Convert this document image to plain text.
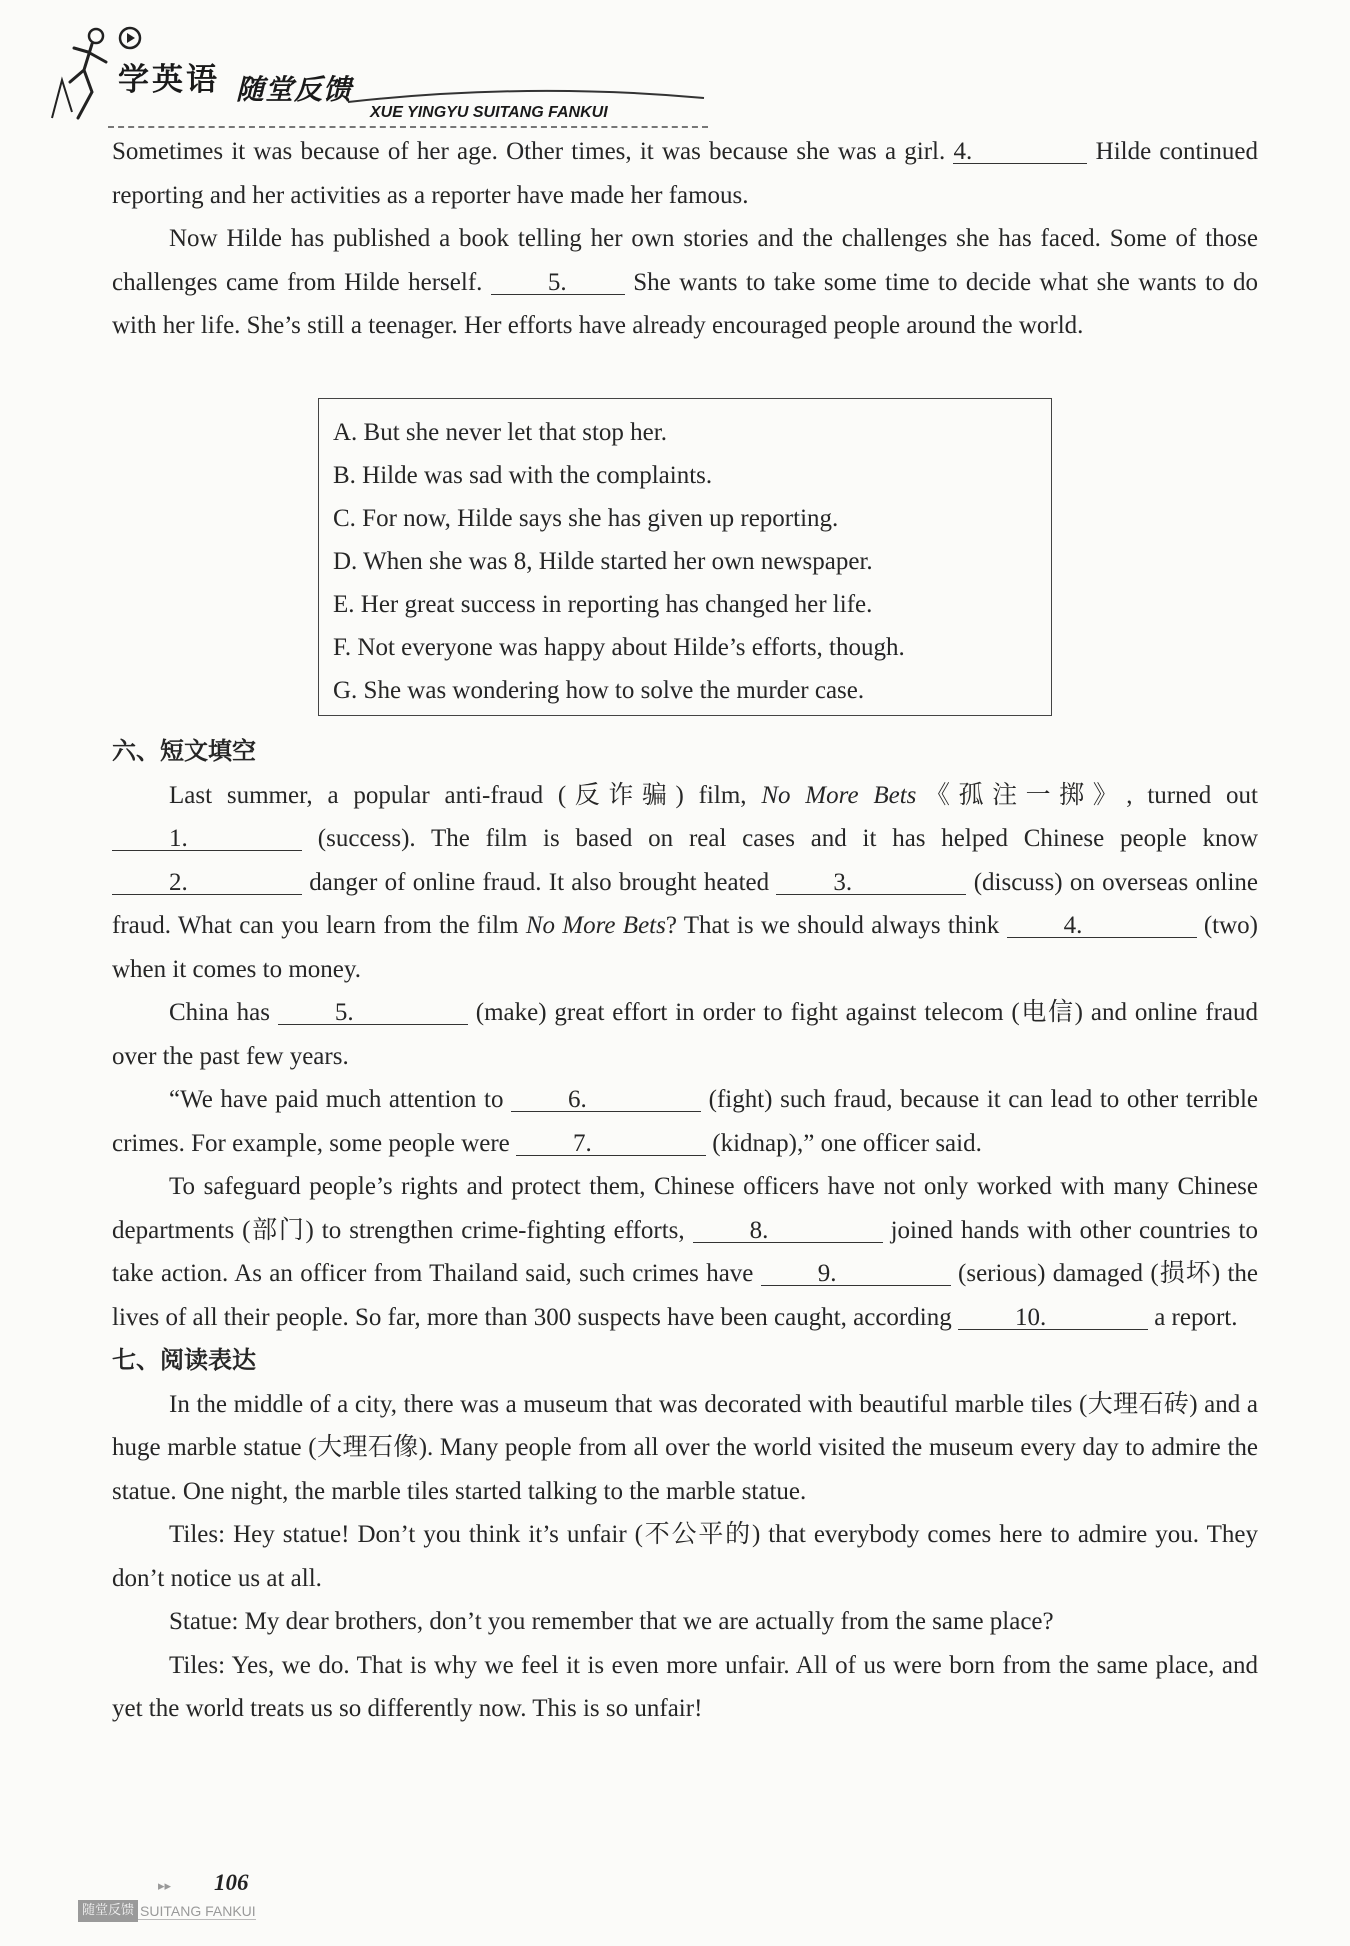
学英语 随堂反馈
XUE YINGYU SUITANG FANKUI

Sometimes it was because of her age. Other times, it was because she was a girl. 4.	Hilde continued reporting and her activities as a reporter have made her famous.

Now Hilde has published a book telling her own stories and the challenges she has faced. Some of those challenges came from Hilde herself. 5. She wants to take some time to decide what she wants to do with her life. She’s still a teenager. Her efforts have already encouraged people around the world.

A. But she never let that stop her.
B. Hilde was sad with the complaints.
C. For now, Hilde says she has given up reporting.
D. When she was 8, Hilde started her own newspaper.
E. Her great success in reporting has changed her life.
F. Not everyone was happy about Hilde’s efforts, though.
G. She was wondering how to solve the murder case.
六、短文填空

Last summer, a popular anti-fraud (反诈骗) film, No More Bets《孤注一掷》, turned out 1.	(success). The film is based on real cases and it has helped Chinese people know 2.	danger of online fraud. It also brought heated 3.	(discuss) on overseas online fraud. What can you learn from the film No More Bets? That is we should always think 4.	(two) when it comes to money.

China has 5.	(make) great effort in order to fight against telecom (电信) and online fraud over the past few years.

“We have paid much attention to 6.	(fight) such fraud, because it can lead to other terrible crimes. For example, some people were 7.	(kidnap),” one officer said.

To safeguard people’s rights and protect them, Chinese officers have not only worked with many Chinese departments (部门) to strengthen crime-fighting efforts, 8.	joined hands with other countries to take action. As an officer from Thailand said, such crimes have 9.	(serious) damaged (损坏) the lives of all their people. So far, more than 300 suspects have been caught, according 10.	a report.

七、阅读表达

In the middle of a city, there was a museum that was decorated with beautiful marble tiles (大理石砖) and a huge marble statue (大理石像). Many people from all over the world visited the museum every day to admire the statue. One night, the marble tiles started talking to the marble statue.

Tiles: Hey statue! Don’t you think it’s unfair (不公平的) that everybody comes here to admire you. They don’t notice us at all.

Statue: My dear brothers, don’t you remember that we are actually from the same place?

Tiles: Yes, we do. That is why we feel it is even more unfair. All of us were born from the same place, and yet the world treats us so differently now. This is so unfair!

▸▸ 106
随堂反馈 SUITANG FANKUI
